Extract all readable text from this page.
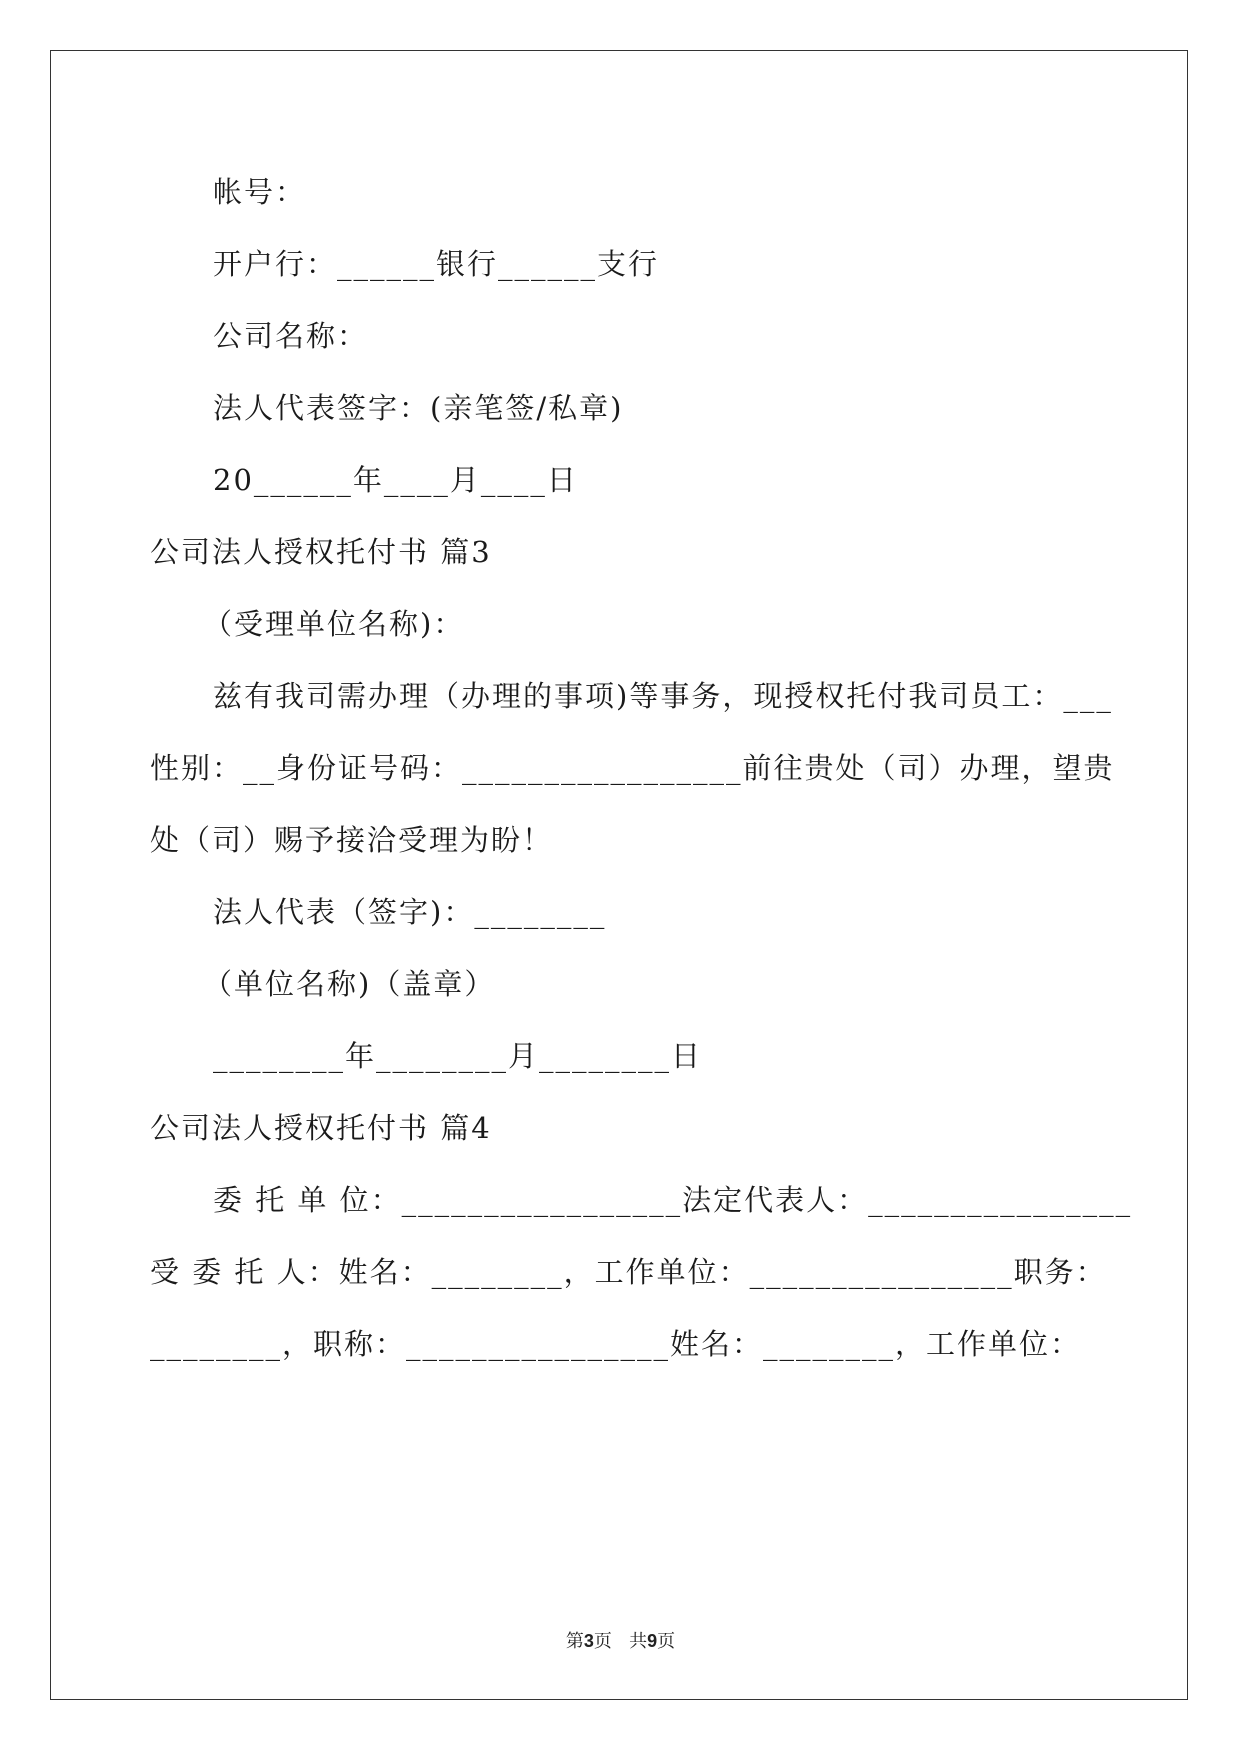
帐号：
开户行：______银行______支行
公司名称：
法人代表签字：(亲笔签/私章)
20______年____月____日
公司法人授权托付书 篇3
（受理单位名称)：
兹有我司需办理（办理的事项)等事务，现授权托付我司员工：___
性别：__身份证号码：_________________前往贵处（司）办理，望贵
处（司）赐予接洽受理为盼！
法人代表（签字)：________
（单位名称)（盖章）
________年________月________日
公司法人授权托付书 篇4
委 托 单 位：_________________法定代表人：________________
受 委 托 人：姓名：________，工作单位：________________职务：
________，职称：________________姓名：________，工作单位：
第3页   共9页
